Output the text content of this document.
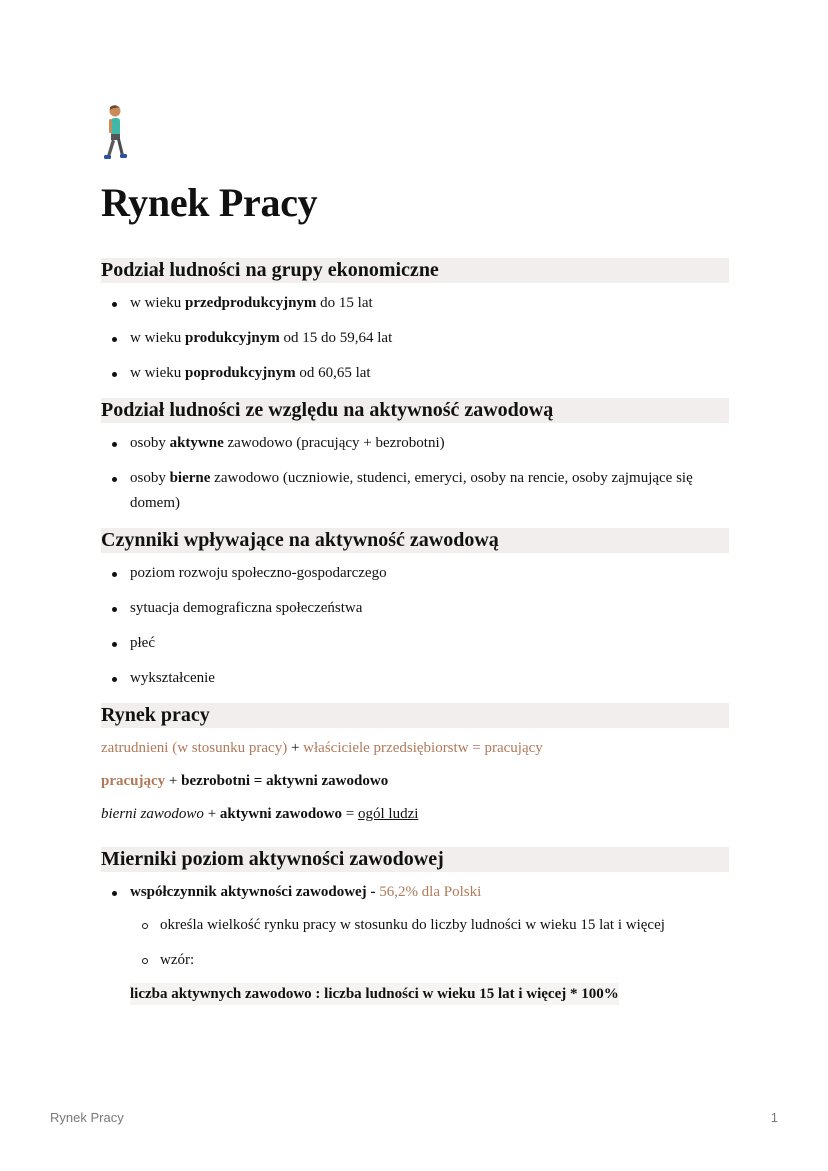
Rynek Pracy
Podział ludności na grupy ekonomiczne
w wieku przedprodukcyjnym do 15 lat
w wieku produkcyjnym od 15 do 59,64 lat
w wieku poprodukcyjnym od 60,65 lat
Podział ludności ze względu na aktywność zawodową
osoby aktywne zawodowo (pracujący + bezrobotni)
osoby bierne zawodowo (uczniowie, studenci, emeryci, osoby na rencie, osoby zajmujące się domem)
Czynniki wpływające na aktywność zawodową
poziom rozwoju społeczno-gospodarczego
sytuacja demograficzna społeczeństwa
płeć
wykształcenie
Rynek pracy
zatrudnieni (w stosunku pracy) + właściciele przedsiębiorstw = pracujący
pracujący + bezrobotni = aktywni zawodowo
bierni zawodowo + aktywni zawodowo = ogól ludzi
Mierniki poziom aktywności zawodowej
współczynnik aktywności zawodowej - 56,2% dla Polski
określa wielkość rynku pracy w stosunku do liczby ludności w wieku 15 lat i więcej
wzór:
liczba aktywnych zawodowo : liczba ludności w wieku 15 lat i więcej * 100%
Rynek Pracy	1
